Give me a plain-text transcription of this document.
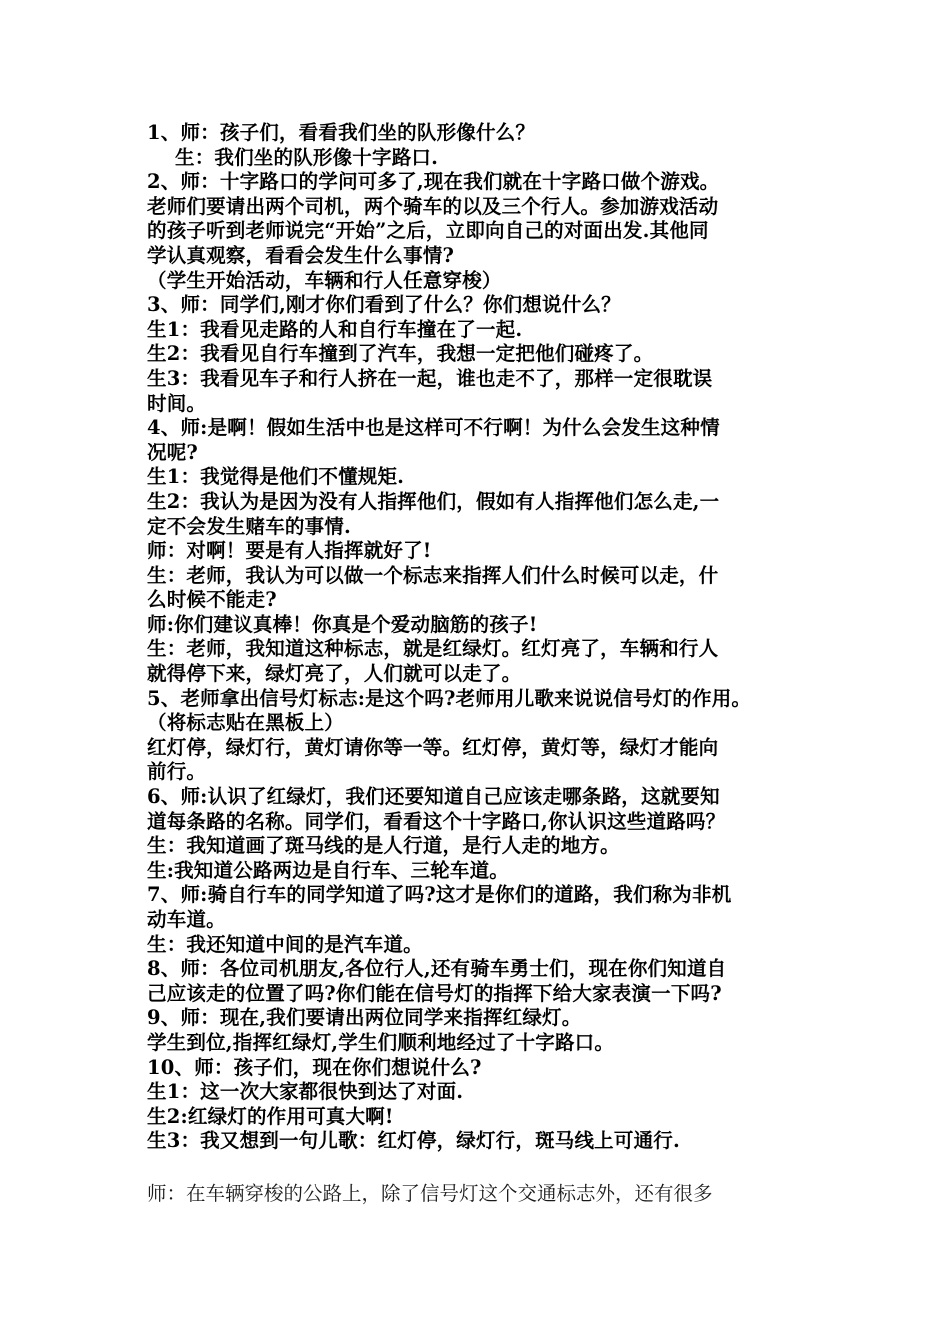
1、师：孩子们，看看我们坐的队形像什么？
生：我们坐的队形像十字路口.
2、师：十字路口的学问可多了,现在我们就在十字路口做个游戏。
老师们要请出两个司机，两个骑车的以及三个行人。参加游戏活动
的孩子听到老师说完“开始”之后，立即向自己的对面出发.其他同
学认真观察，看看会发生什么事情?
（学生开始活动，车辆和行人任意穿梭）
3、师：同学们,刚才你们看到了什么？你们想说什么？
生1：我看见走路的人和自行车撞在了一起.
生2：我看见自行车撞到了汽车，我想一定把他们碰疼了。
生3：我看见车子和行人挤在一起，谁也走不了，那样一定很耽误
时间。
4、师:是啊！假如生活中也是这样可不行啊！为什么会发生这种情
况呢?
生1：我觉得是他们不懂规矩.
生2：我认为是因为没有人指挥他们，假如有人指挥他们怎么走,一
定不会发生赌车的事情.
师：对啊！要是有人指挥就好了!
生：老师，我认为可以做一个标志来指挥人们什么时候可以走，什
么时候不能走?
师:你们建议真棒！你真是个爱动脑筋的孩子!
生：老师，我知道这种标志，就是红绿灯。红灯亮了，车辆和行人
就得停下来，绿灯亮了，人们就可以走了。
5、老师拿出信号灯标志:是这个吗?老师用儿歌来说说信号灯的作用。
（将标志贴在黑板上）
红灯停，绿灯行，黄灯请你等一等。红灯停，黄灯等，绿灯才能向
前行。
6、师:认识了红绿灯，我们还要知道自己应该走哪条路，这就要知
道每条路的名称。同学们，看看这个十字路口,你认识这些道路吗？
生：我知道画了斑马线的是人行道，是行人走的地方。
生:我知道公路两边是自行车、三轮车道。
7、师:骑自行车的同学知道了吗?这才是你们的道路，我们称为非机
动车道。
生：我还知道中间的是汽车道。
8、师：各位司机朋友,各位行人,还有骑车勇士们，现在你们知道自
己应该走的位置了吗?你们能在信号灯的指挥下给大家表演一下吗?
9、师：现在,我们要请出两位同学来指挥红绿灯。
学生到位,指挥红绿灯,学生们顺利地经过了十字路口。
10、师：孩子们，现在你们想说什么?
生1：这一次大家都很快到达了对面.
生2:红绿灯的作用可真大啊!
生3：我又想到一句儿歌：红灯停，绿灯行，斑马线上可通行.
师：在车辆穿梭的公路上，除了信号灯这个交通标志外，还有很多
